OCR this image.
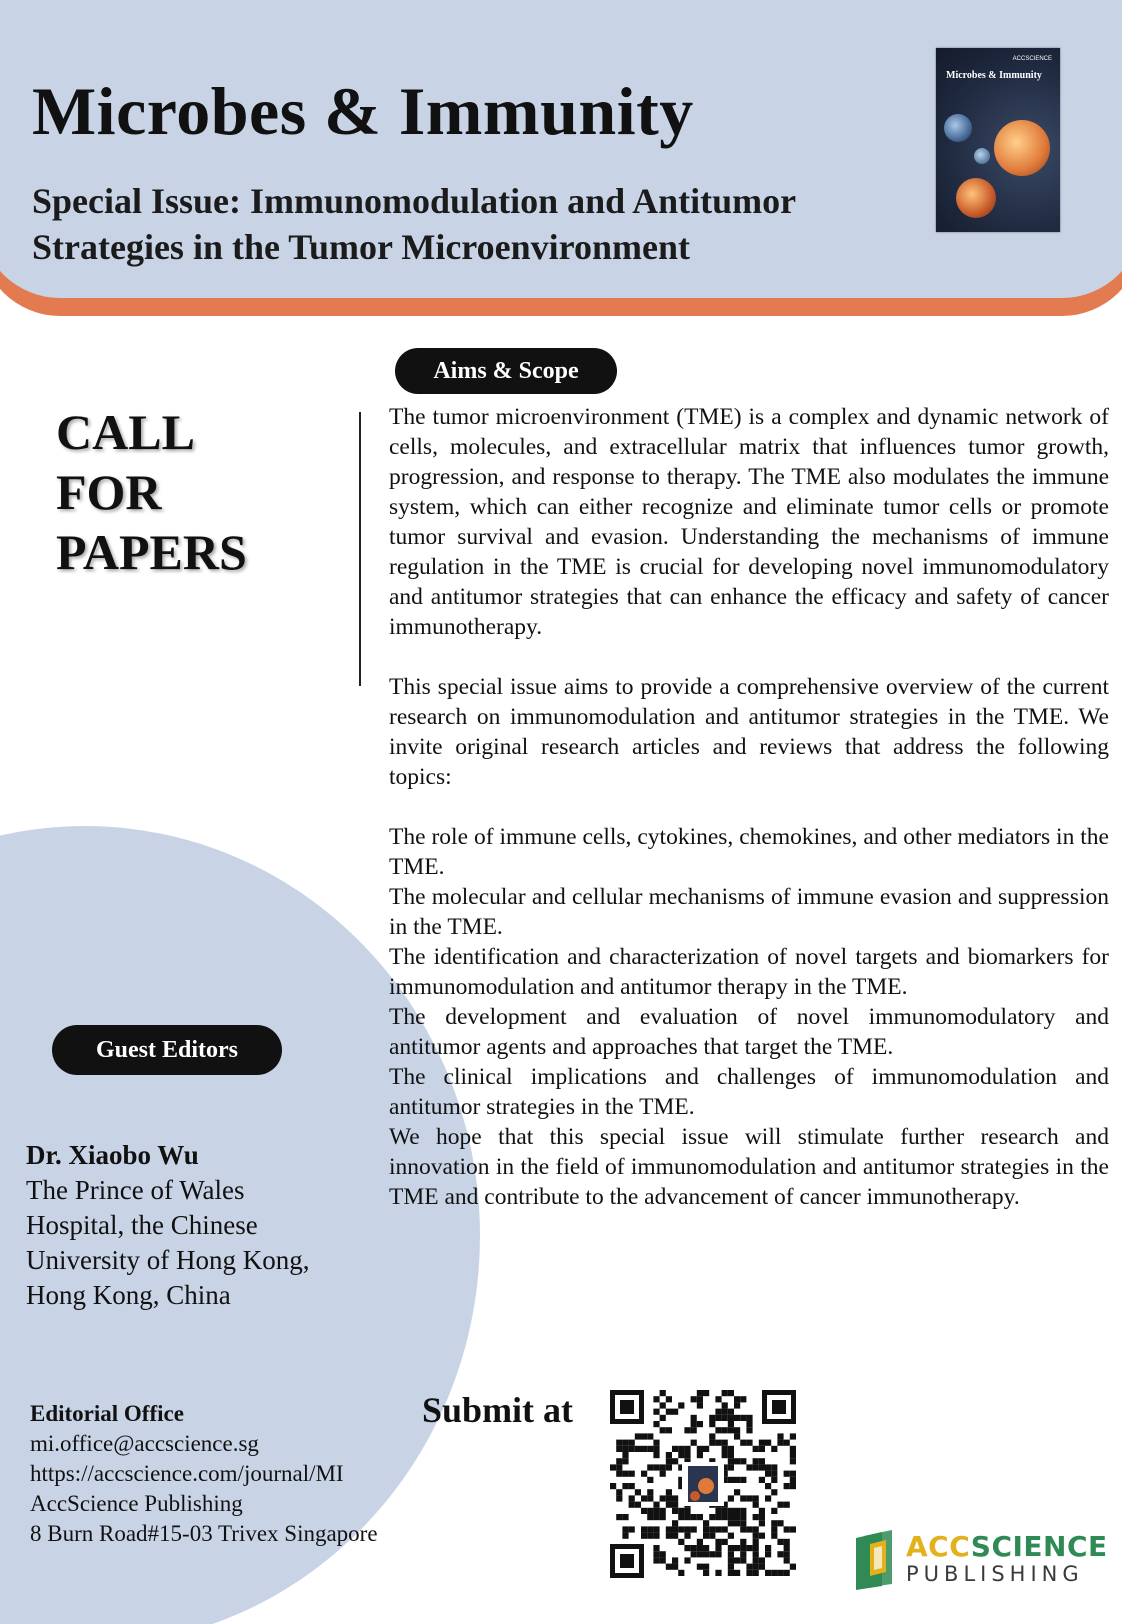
Microbes & Immunity
Special Issue: Immunomodulation and Antitumor Strategies in the Tumor Microenvironment
ACCSCIENCE
Microbes & Immunity
Aims & Scope
CALL
FOR
PAPERS

The tumor microenvironment (TME) is a complex and dynamic network of cells, molecules, and extracellular matrix that influences tumor growth, progression, and response to therapy. The TME also modulates the immune system, which can either recognize and eliminate tumor cells or promote tumor survival and evasion. Understanding the mechanisms of immune regulation in the TME is crucial for developing novel immunomodulatory and antitumor strategies that can enhance the efficacy and safety of cancer immunotherapy.

This special issue aims to provide a comprehensive overview of the current research on immunomodulation and antitumor strategies in the TME. We invite original research articles and reviews that address the following topics:

The role of immune cells, cytokines, chemokines, and other mediators in the TME.

The molecular and cellular mechanisms of immune evasion and suppression in the TME.

The identification and characterization of novel targets and biomarkers for immunomodulation and antitumor therapy in the TME.

The development and evaluation of novel immunomodulatory and antitumor agents and approaches that target the TME.

The clinical implications and challenges of immunomodulation and antitumor strategies in the TME.

We hope that this special issue will stimulate further research and innovation in the field of immunomodulation and antitumor strategies in the TME and contribute to the advancement of cancer immunotherapy.

Guest Editors
Dr. Xiaobo Wu
The Prince of Wales
Hospital, the Chinese
University of Hong Kong,
Hong Kong, China
Editorial Office
mi.office@accscience.sg
https://accscience.com/journal/MI
AccScience Publishing
8 Burn Road#15-03 Trivex Singapore
Submit at
ACCSCIENCE
PUBLISHING
